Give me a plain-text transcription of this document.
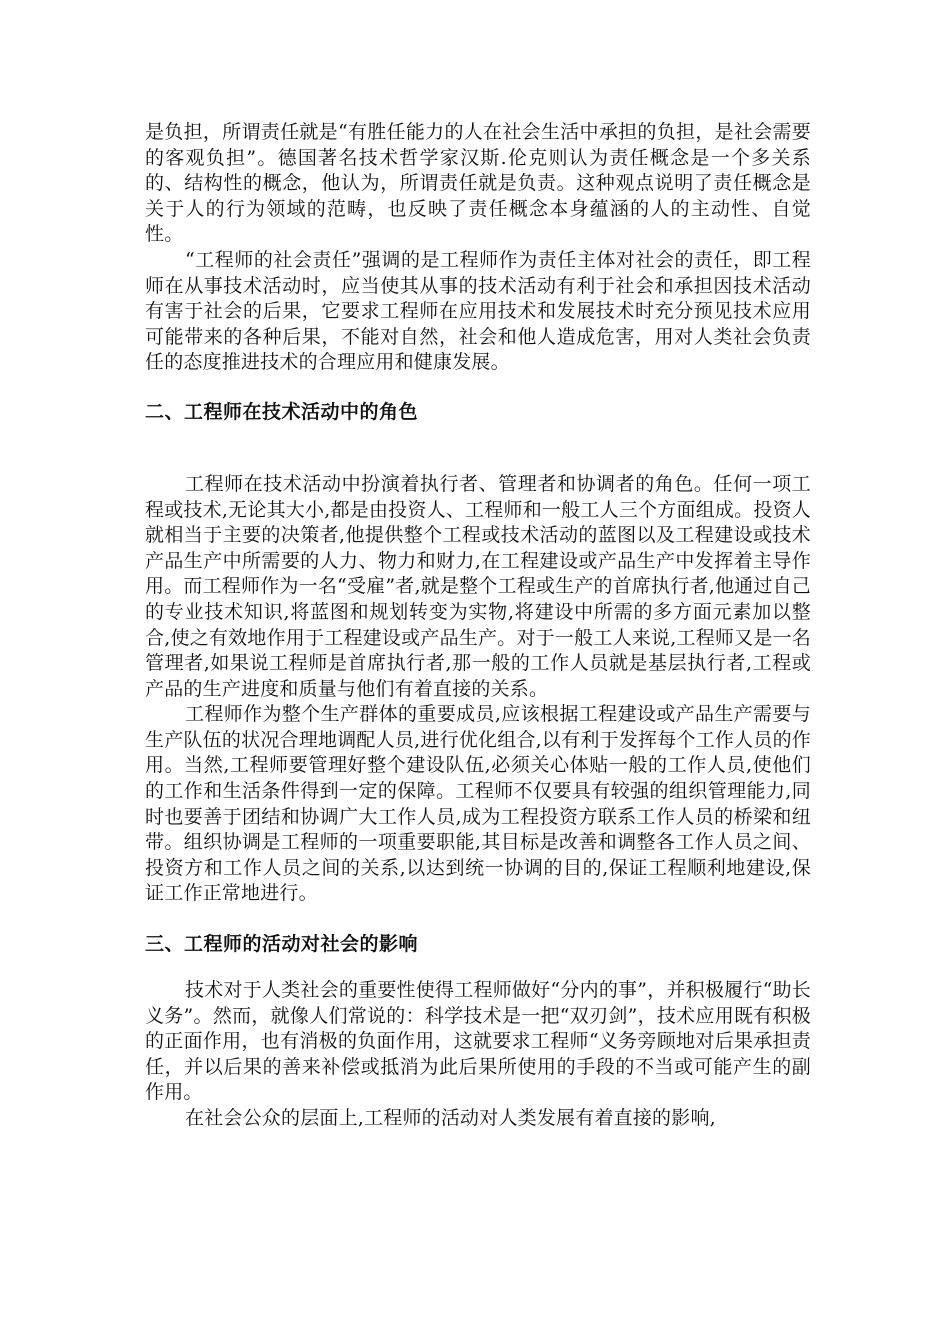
是负担，所谓责任就是“有胜任能力的人在社会生活中承担的负担，是社会需要的客观负担”。德国著名技术哲学家汉斯.伦克则认为责任概念是一个多关系的、结构性的概念，他认为，所谓责任就是负责。这种观点说明了责任概念是关于人的行为领域的范畴，也反映了责任概念本身蕴涵的人的主动性、自觉性。

“工程师的社会责任”强调的是工程师作为责任主体对社会的责任，即工程师在从事技术活动时，应当使其从事的技术活动有利于社会和承担因技术活动有害于社会的后果，它要求工程师在应用技术和发展技术时充分预见技术应用可能带来的各种后果，不能对自然，社会和他人造成危害，用对人类社会负责任的态度推进技术的合理应用和健康发展。

二、工程师在技术活动中的角色

工程师在技术活动中扮演着执行者、管理者和协调者的角色。任何一项工程或技术,无论其大小,都是由投资人、工程师和一般工人三个方面组成。投资人就相当于主要的决策者,他提供整个工程或技术活动的蓝图以及工程建设或技术产品生产中所需要的人力、物力和财力,在工程建设或产品生产中发挥着主导作用。而工程师作为一名“受雇”者,就是整个工程或生产的首席执行者,他通过自己的专业技术知识,将蓝图和规划转变为实物,将建设中所需的多方面元素加以整合,使之有效地作用于工程建设或产品生产。对于一般工人来说,工程师又是一名管理者,如果说工程师是首席执行者,那一般的工作人员就是基层执行者,工程或产品的生产进度和质量与他们有着直接的关系。

工程师作为整个生产群体的重要成员,应该根据工程建设或产品生产需要与生产队伍的状况合理地调配人员,进行优化组合,以有利于发挥每个工作人员的作用。当然,工程师要管理好整个建设队伍,必须关心体贴一般的工作人员,使他们的工作和生活条件得到一定的保障。工程师不仅要具有较强的组织管理能力,同时也要善于团结和协调广大工作人员,成为工程投资方联系工作人员的桥梁和纽带。组织协调是工程师的一项重要职能,其目标是改善和调整各工作人员之间、投资方和工作人员之间的关系,以达到统一协调的目的,保证工程顺利地建设,保证工作正常地进行。

三、工程师的活动对社会的影响

技术对于人类社会的重要性使得工程师做好“分内的事”，并积极履行“助长义务”。然而，就像人们常说的：科学技术是一把“双刃剑”，技术应用既有积极的正面作用，也有消极的负面作用，这就要求工程师“义务旁顾地对后果承担责任，并以后果的善来补偿或抵消为此后果所使用的手段的不当或可能产生的副作用。

在社会公众的层面上,工程师的活动对人类发展有着直接的影响,
